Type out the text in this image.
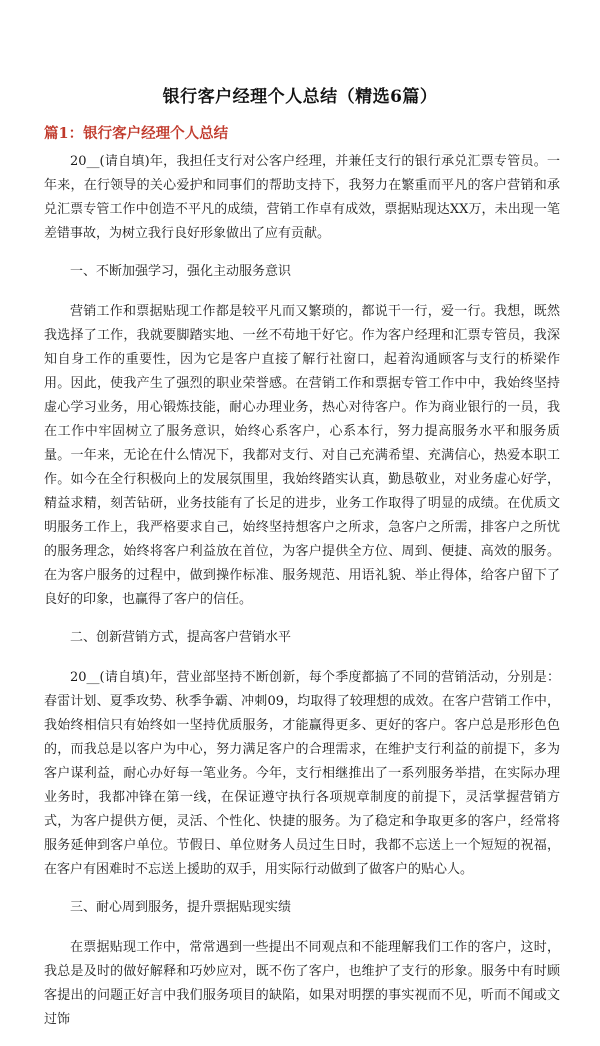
银行客户经理个人总结（精选6篇）
篇1：银行客户经理个人总结

20__(请自填)年，我担任支行对公客户经理，并兼任支行的银行承兑汇票专管员。一年来，在行领导的关心爱护和同事们的帮助支持下，我努力在繁重而平凡的客户营销和承兑汇票专管工作中创造不平凡的成绩，营销工作卓有成效，票据贴现达XX万，未出现一笔差错事故，为树立我行良好形象做出了应有贡献。

一、不断加强学习，强化主动服务意识

营销工作和票据贴现工作都是较平凡而又繁琐的，都说干一行，爱一行。我想，既然我选择了工作，我就要脚踏实地、一丝不苟地干好它。作为客户经理和汇票专管员，我深知自身工作的重要性，因为它是客户直接了解行社窗口，起着沟通顾客与支行的桥梁作用。因此，使我产生了强烈的职业荣誉感。在营销工作和票据专管工作中中，我始终坚持虚心学习业务，用心锻炼技能，耐心办理业务，热心对待客户。作为商业银行的一员，我在工作中牢固树立了服务意识，始终心系客户，心系本行，努力提高服务水平和服务质量。一年来，无论在什么情况下，我都对支行、对自己充满希望、充满信心，热爱本职工作。如今在全行积极向上的发展氛围里，我始终踏实认真，勤恳敬业，对业务虚心好学，精益求精，刻苦钻研，业务技能有了长足的进步，业务工作取得了明显的成绩。在优质文明服务工作上，我严格要求自己，始终坚持想客户之所求，急客户之所需，排客户之所忧的服务理念，始终将客户利益放在首位，为客户提供全方位、周到、便捷、高效的服务。在为客户服务的过程中，做到操作标准、服务规范、用语礼貌、举止得体，给客户留下了良好的印象，也赢得了客户的信任。

二、创新营销方式，提高客户营销水平

20__(请自填)年，营业部坚持不断创新，每个季度都搞了不同的营销活动，分别是：春雷计划、夏季攻势、秋季争霸、冲刺09，均取得了较理想的成效。在客户营销工作中，我始终相信只有始终如一坚持优质服务，才能赢得更多、更好的客户。客户总是形形色色的，而我总是以客户为中心，努力满足客户的合理需求，在维护支行利益的前提下，多为客户谋利益，耐心办好每一笔业务。今年，支行相继推出了一系列服务举措，在实际办理业务时，我都冲锋在第一线，在保证遵守执行各项规章制度的前提下，灵活掌握营销方式，为客户提供方便，灵活、个性化、快捷的服务。为了稳定和争取更多的客户，经常将服务延伸到客户单位。节假日、单位财务人员过生日时，我都不忘送上一个短短的祝福，在客户有困难时不忘送上援助的双手，用实际行动做到了做客户的贴心人。

三、耐心周到服务，提升票据贴现实绩

在票据贴现工作中，常常遇到一些提出不同观点和不能理解我们工作的客户，这时，我总是及时的做好解释和巧妙应对，既不伤了客户，也维护了支行的形象。服务中有时顾客提出的问题正好言中我们服务项目的缺陷，如果对明摆的事实视而不见，听而不闻或文过饰
